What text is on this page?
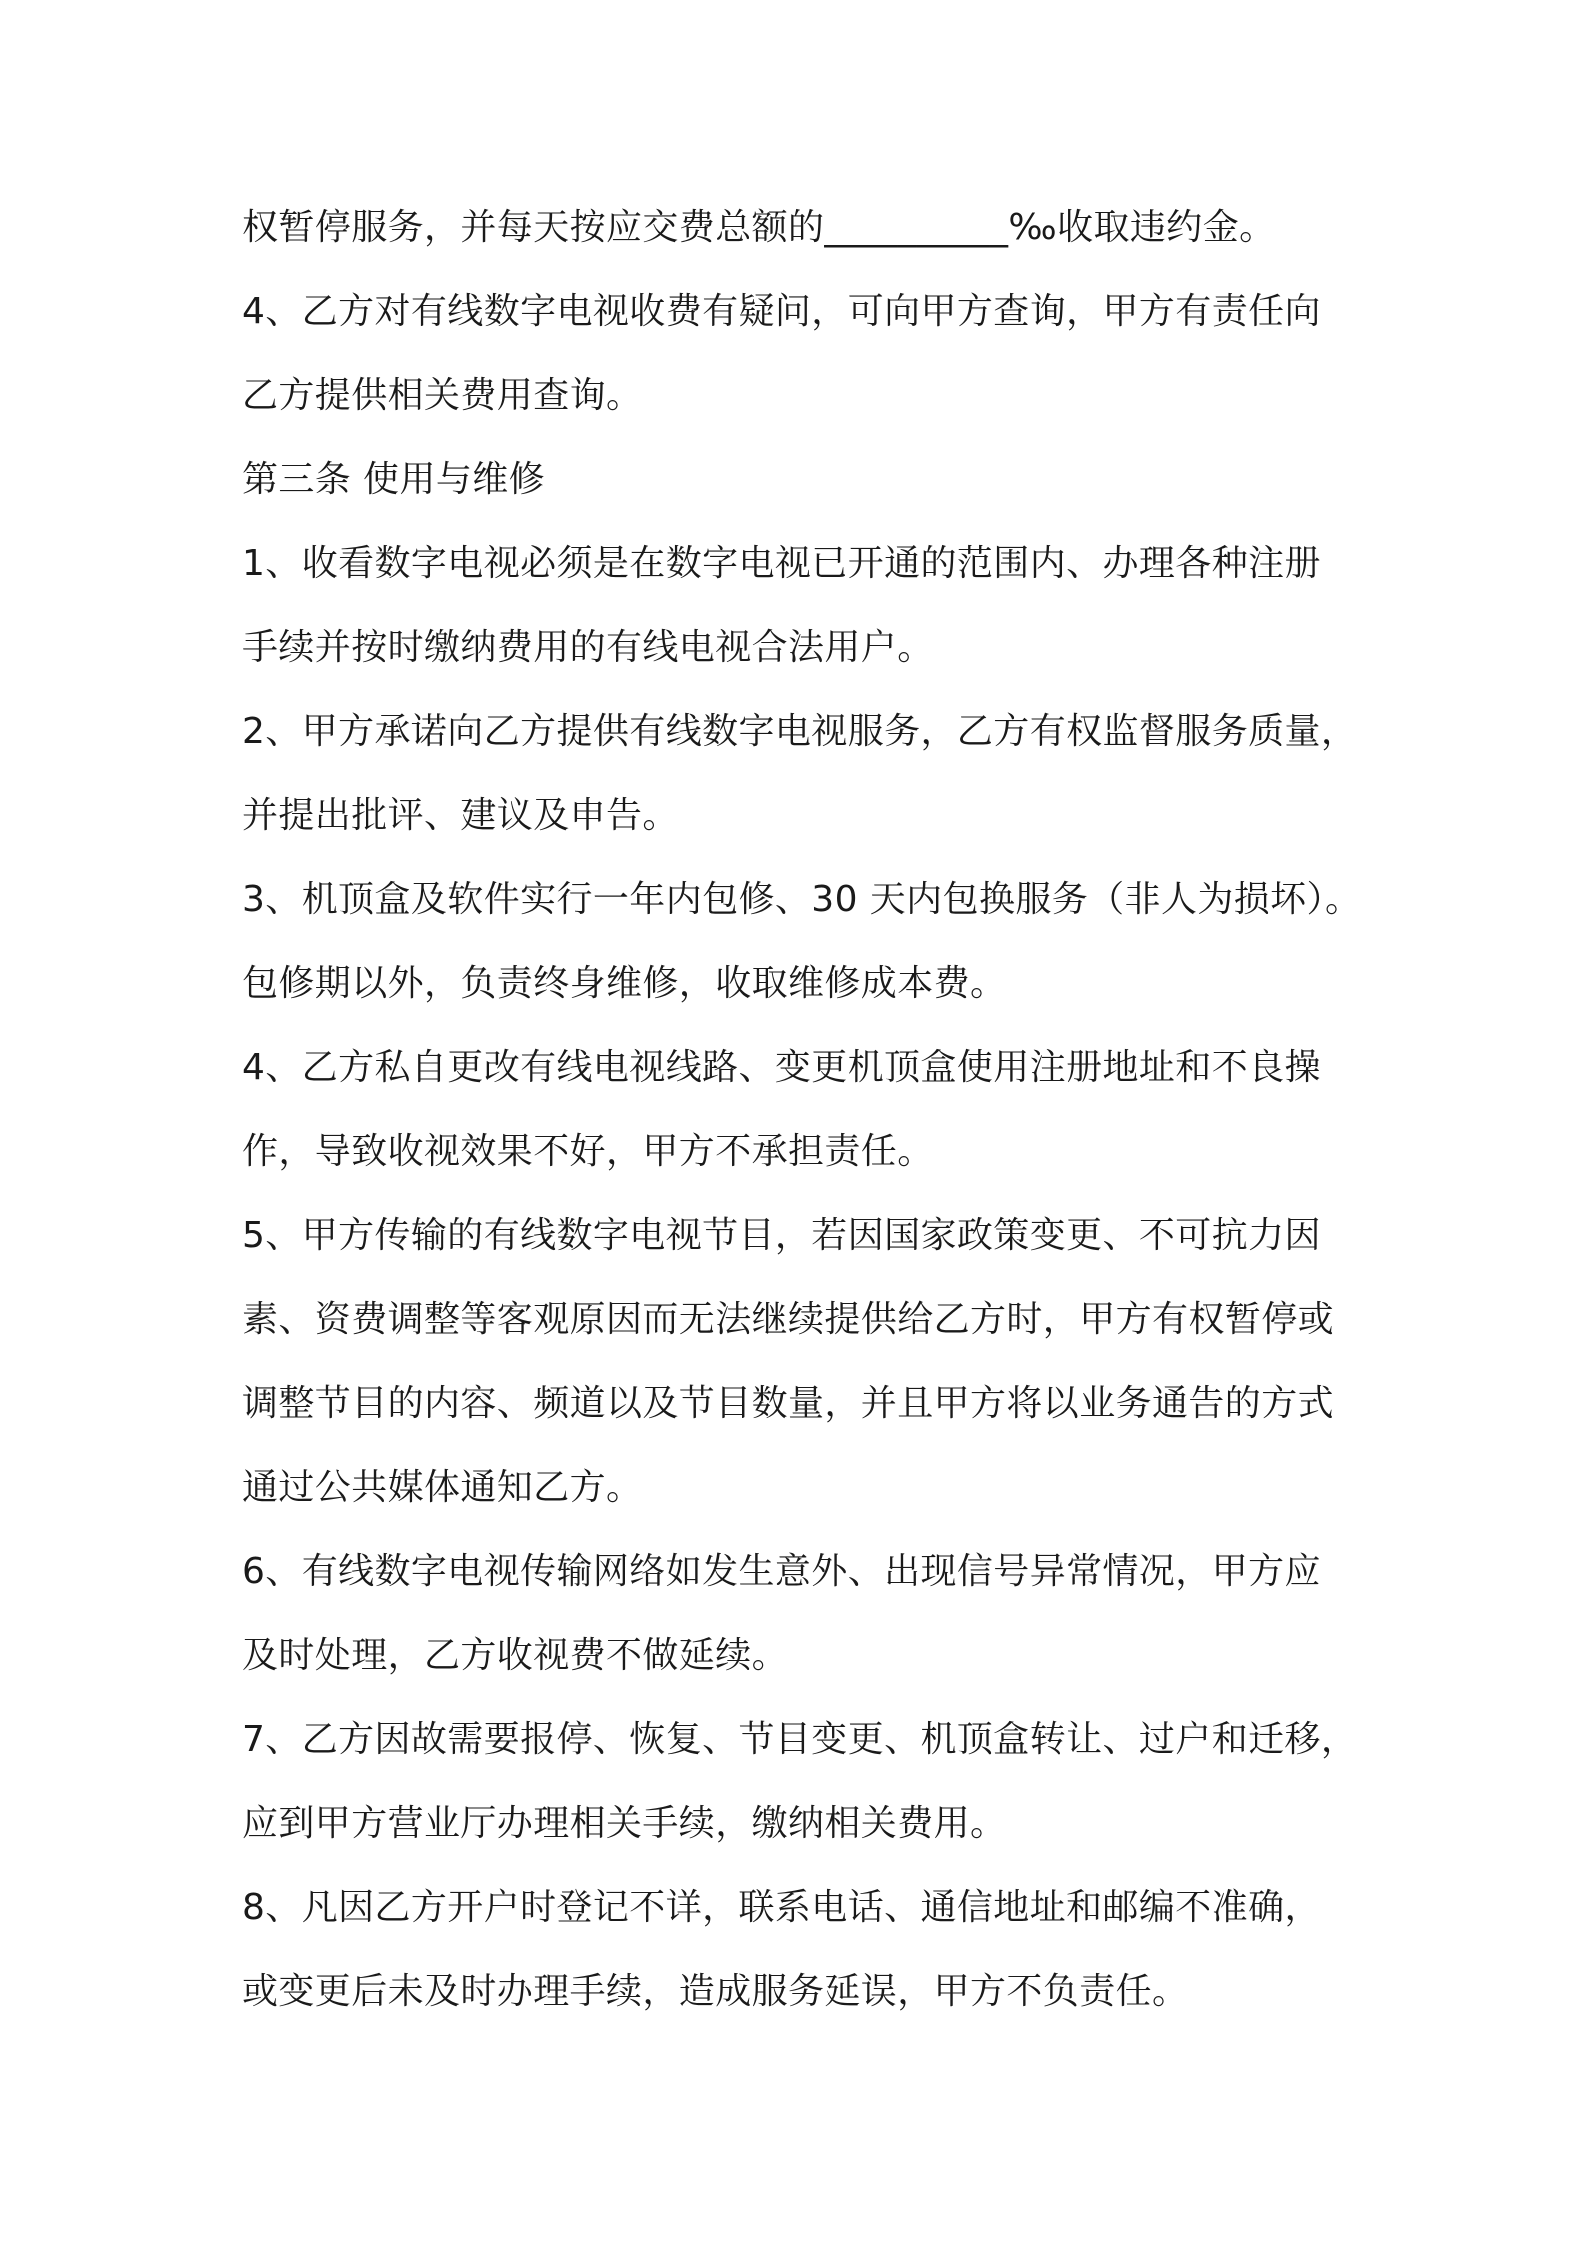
权暂停服务，并每天按应交费总额的__________‰收取违约金。
4、乙方对有线数字电视收费有疑问，可向甲方查询，甲方有责任向
乙方提供相关费用查询。
第三条 使用与维修
1、收看数字电视必须是在数字电视已开通的范围内、办理各种注册
手续并按时缴纳费用的有线电视合法用户。
2、甲方承诺向乙方提供有线数字电视服务，乙方有权监督服务质量，
并提出批评、建议及申告。
3、机顶盒及软件实行一年内包修、30 天内包换服务（非人为损坏）。
包修期以外，负责终身维修，收取维修成本费。
4、乙方私自更改有线电视线路、变更机顶盒使用注册地址和不良操
作，导致收视效果不好，甲方不承担责任。
5、甲方传输的有线数字电视节目，若因国家政策变更、不可抗力因
素、资费调整等客观原因而无法继续提供给乙方时，甲方有权暂停或
调整节目的内容、频道以及节目数量，并且甲方将以业务通告的方式
通过公共媒体通知乙方。
6、有线数字电视传输网络如发生意外、出现信号异常情况，甲方应
及时处理，乙方收视费不做延续。
7、乙方因故需要报停、恢复、节目变更、机顶盒转让、过户和迁移，
应到甲方营业厅办理相关手续，缴纳相关费用。
8、凡因乙方开户时登记不详，联系电话、通信地址和邮编不准确，
或变更后未及时办理手续，造成服务延误，甲方不负责任。
